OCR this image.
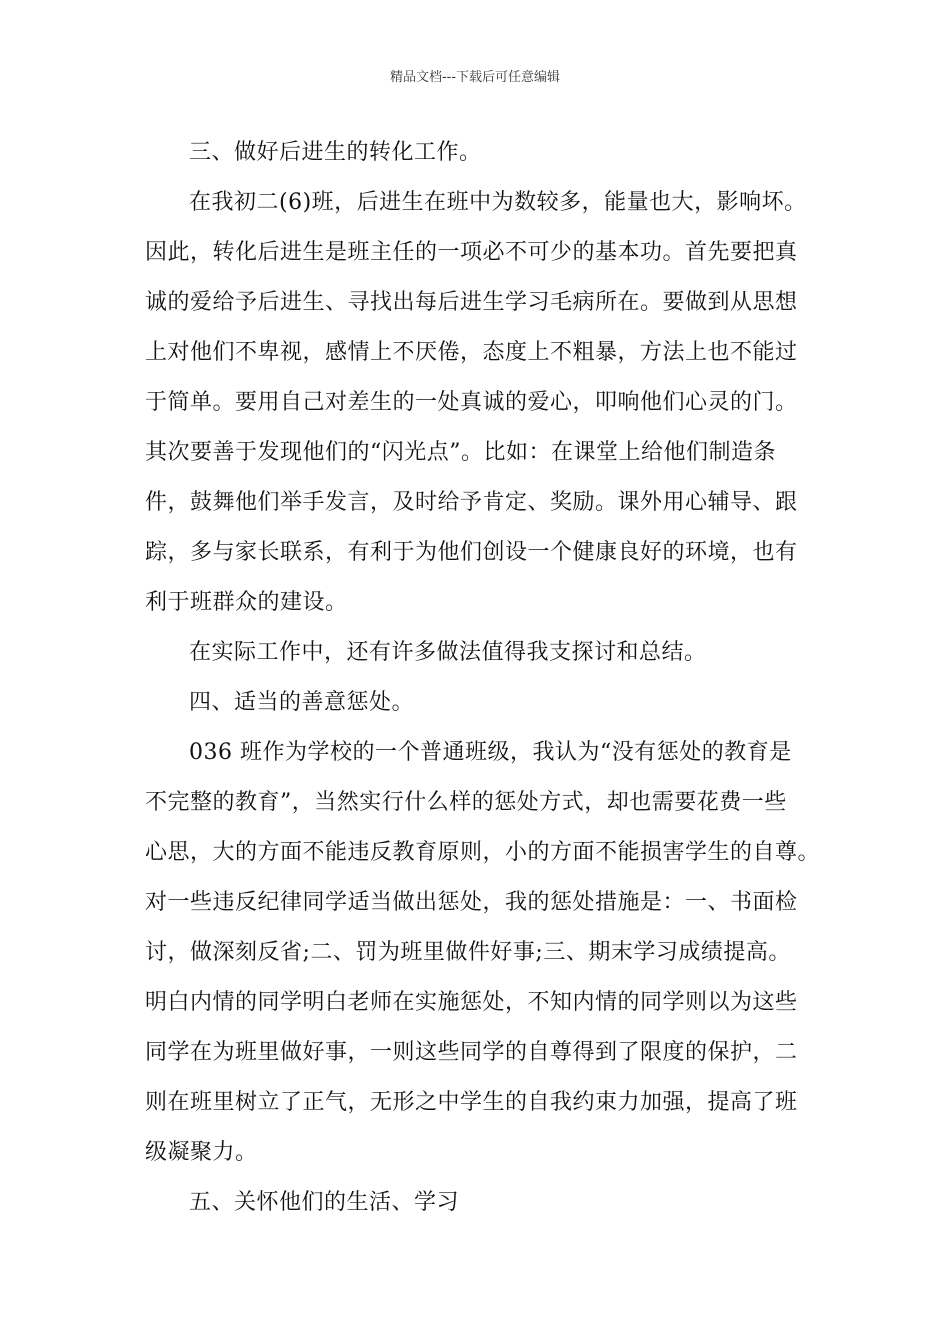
精品文档---下载后可任意编辑
三、做好后进生的转化工作。
在我初二(6)班，后进生在班中为数较多，能量也大，影响坏。
因此，转化后进生是班主任的一项必不可少的基本功。首先要把真
诚的爱给予后进生、寻找出每后进生学习毛病所在。要做到从思想
上对他们不卑视，感情上不厌倦，态度上不粗暴，方法上也不能过
于简单。要用自己对差生的一处真诚的爱心，叩响他们心灵的门。
其次要善于发现他们的“闪光点”。比如：在课堂上给他们制造条
件，鼓舞他们举手发言，及时给予肯定、奖励。课外用心辅导、跟
踪，多与家长联系，有利于为他们创设一个健康良好的环境，也有
利于班群众的建设。
在实际工作中，还有许多做法值得我支探讨和总结。
四、适当的善意惩处。
036 班作为学校的一个普通班级，我认为“没有惩处的教育是
不完整的教育”，当然实行什么样的惩处方式，却也需要花费一些
心思，大的方面不能违反教育原则，小的方面不能损害学生的自尊。
对一些违反纪律同学适当做出惩处，我的惩处措施是：一、书面检
讨，做深刻反省;二、罚为班里做件好事;三、期末学习成绩提高。
明白内情的同学明白老师在实施惩处，不知内情的同学则以为这些
同学在为班里做好事，一则这些同学的自尊得到了限度的保护，二
则在班里树立了正气，无形之中学生的自我约束力加强，提高了班
级凝聚力。
五、关怀他们的生活、学习
